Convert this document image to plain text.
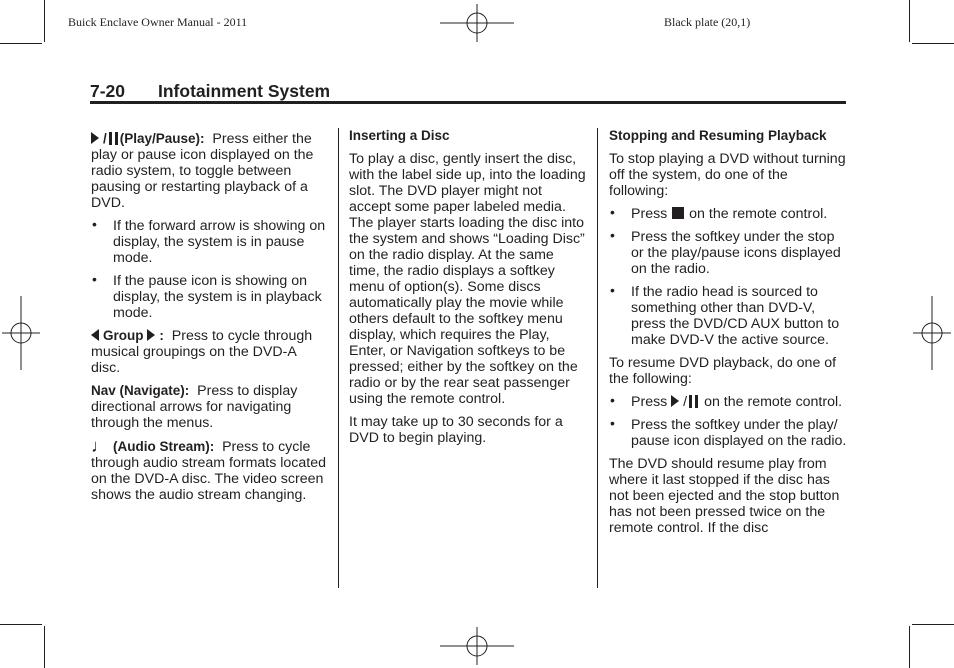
Buick Enclave Owner Manual - 2011	Black plate (20,1)
7-20 Infotainment System

/ (Play/Pause): Press either the play or pause icon displayed on the radio system, to toggle between pausing or restarting playback of a DVD.

• If the forward arrow is showing on display, the system is in pause mode.
• If the pause icon is showing on display, the system is in playback mode.

Group : Press to cycle through musical groupings on the DVD-A disc.

Nav (Navigate): Press to display directional arrows for navigating through the menus.

♩ (Audio Stream): Press to cycle through audio stream formats located on the DVD-A disc. The video screen shows the audio stream changing.

Inserting a Disc

To play a disc, gently insert the disc, with the label side up, into the loading slot. The DVD player might not accept some paper labeled media. The player starts loading the disc into the system and shows “Loading Disc” on the radio display. At the same time, the radio displays a softkey menu of option(s). Some discs automatically play the movie while others default to the softkey menu display, which requires the Play, Enter, or Navigation softkeys to be pressed; either by the softkey on the radio or by the rear seat passenger using the remote control.

It may take up to 30 seconds for a DVD to begin playing.

Stopping and Resuming Playback

To stop playing a DVD without turning off the system, do one of the following:

• Press on the remote control.
• Press the softkey under the stop or the play/pause icons displayed on the radio.
• If the radio head is sourced to something other than DVD-V, press the DVD/CD AUX button to make DVD-V the active source.

To resume DVD playback, do one of the following:

• Press / on the remote control.
• Press the softkey under the play/ pause icon displayed on the radio.

The DVD should resume play from where it last stopped if the disc has not been ejected and the stop button has not been pressed twice on the remote control. If the disc
